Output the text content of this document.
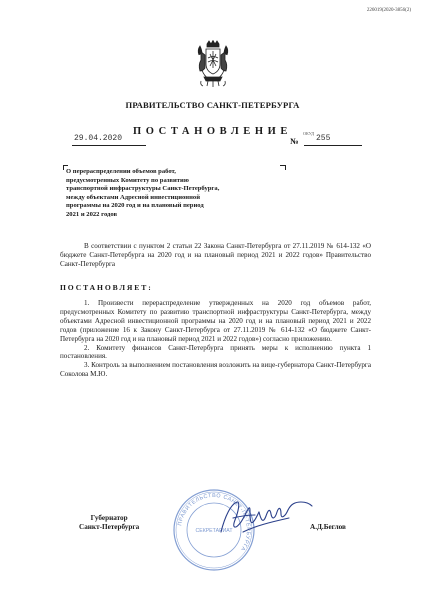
226019(2020-3856(2)
ПРАВИТЕЛЬСТВО САНКТ-ПЕТЕРБУРГА
ПОСТАНОВЛЕНИЕ	ОКУД
29.04.2020	№ 255
О перераспределении объемов работ,
предусмотренных Комитету по развитию
транспортной инфраструктуры Санкт-Петербурга,
между объектами Адресной инвестиционной
программы на 2020 год и на плановый период
2021 и 2022 годов
В соответствии с пунктом 2 статьи 22 Закона Санкт-Петербурга от 27.11.2019 № 614-132 «О бюджете Санкт-Петербурга на 2020 год и на плановый период 2021 и 2022 годов» Правительство Санкт-Петербурга
ПОСТАНОВЛЯЕТ:

1. Произвести перераспределение утвержденных на 2020 год объемов работ, предусмотренных Комитету по развитию транспортной инфраструктуры Санкт-Петербурга, между объектами Адресной инвестиционной программы на 2020 год и на плановый период 2021 и 2022 годов (приложение 16 к Закону Санкт-Петербурга от 27.11.2019 № 614-132 «О бюджете Санкт-Петербурга на 2020 год и на плановый период 2021 и 2022 годов») согласно приложению.

2. Комитету финансов Санкт-Петербурга принять меры к исполнению пункта 1 постановления.

3. Контроль за выполнением постановления возложить на вице-губернатора Санкт-Петербурга Соколова М.Ю.

ПРАВИТЕЛЬСТВО САНКТ-ПЕТЕРБУРГА
СЕКРЕТАРИАТ
Губернатор
Санкт-Петербурга	А.Д.Беглов
